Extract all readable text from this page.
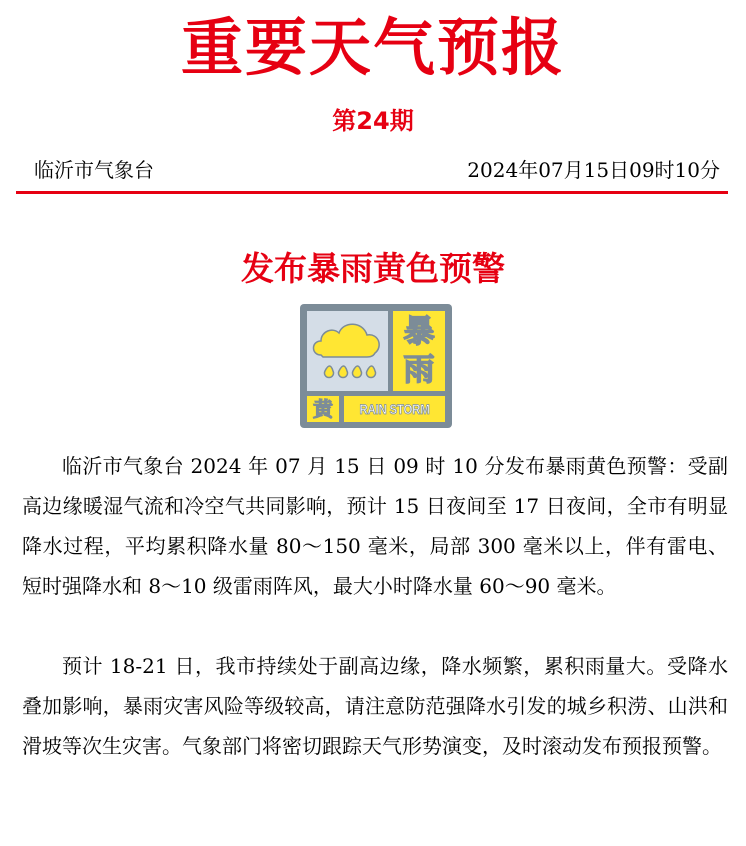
重要天气预报
第24期
临沂市气象台	2024年07月15日09时10分
发布暴雨黄色预警
暴
雨
黄	RAIN STORM

临沂市气象台 2024 年 07 月 15 日 09 时 10 分发布暴雨黄色预警：受副高边缘暖湿气流和冷空气共同影响，预计 15 日夜间至 17 日夜间，全市有明显降水过程，平均累积降水量 80～150 毫米，局部 300 毫米以上，伴有雷电、短时强降水和 8～10 级雷雨阵风，最大小时降水量 60～90 毫米。

预计 18-21 日，我市持续处于副高边缘，降水频繁，累积雨量大。受降水叠加影响，暴雨灾害风险等级较高，请注意防范强降水引发的城乡积涝、山洪和滑坡等次生灾害。气象部门将密切跟踪天气形势演变，及时滚动发布预报预警。
